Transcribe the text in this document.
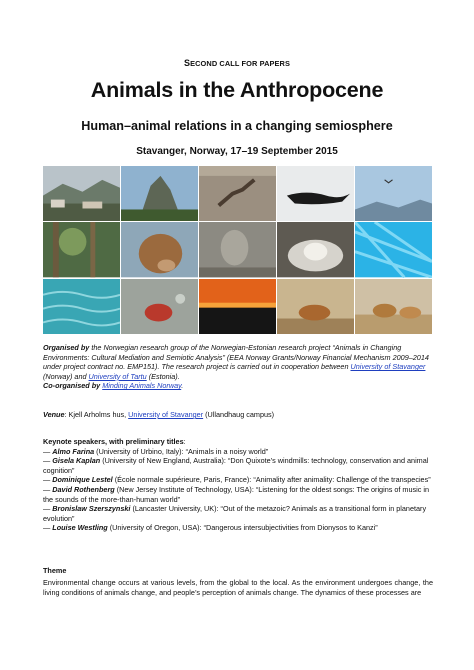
SECOND CALL FOR PAPERS
Animals in the Anthropocene
Human–animal relations in a changing semiosphere
Stavanger, Norway, 17–19 September 2015
Organised by the Norwegian research group of the Norwegian-Estonian research project “Animals in Changing Environments: Cultural Mediation and Semiotic Analysis” (EEA Norway Grants/Norway Financial Mechanism 2009–2014 under project contract no. EMP151). The research project is carried out in cooperation between University of Stavanger (Norway) and University of Tartu (Estonia).
Co-organised by Minding Animals Norway.
Venue: Kjell Arholms hus, University of Stavanger (Ullandhaug campus)
Keynote speakers, with preliminary titles:
— Almo Farina (University of Urbino, Italy): “Animals in a noisy world”
— Gisela Kaplan (University of New England, Australia): “Don Quixote’s windmills: technology, conservation and animal cognition”
— Dominique Lestel (École normale supérieure, Paris, France): “Animality after animality: Challenge of the transpecies”
— David Rothenberg (New Jersey Institute of Technology, USA): “Listening for the oldest songs: The origins of music in the sounds of the more-than-human world”
— Bronislaw Szerszynski (Lancaster University, UK): “Out of the metazoic? Animals as a transitional form in planetary evolution”
— Louise Westling (University of Oregon, USA): “Dangerous intersubjectivities from Dionysos to Kanzi”
Theme
Environmental change occurs at various levels, from the global to the local. As the environment undergoes change, the living conditions of animals change, and people’s perception of animals change. The dynamics of these processes are
